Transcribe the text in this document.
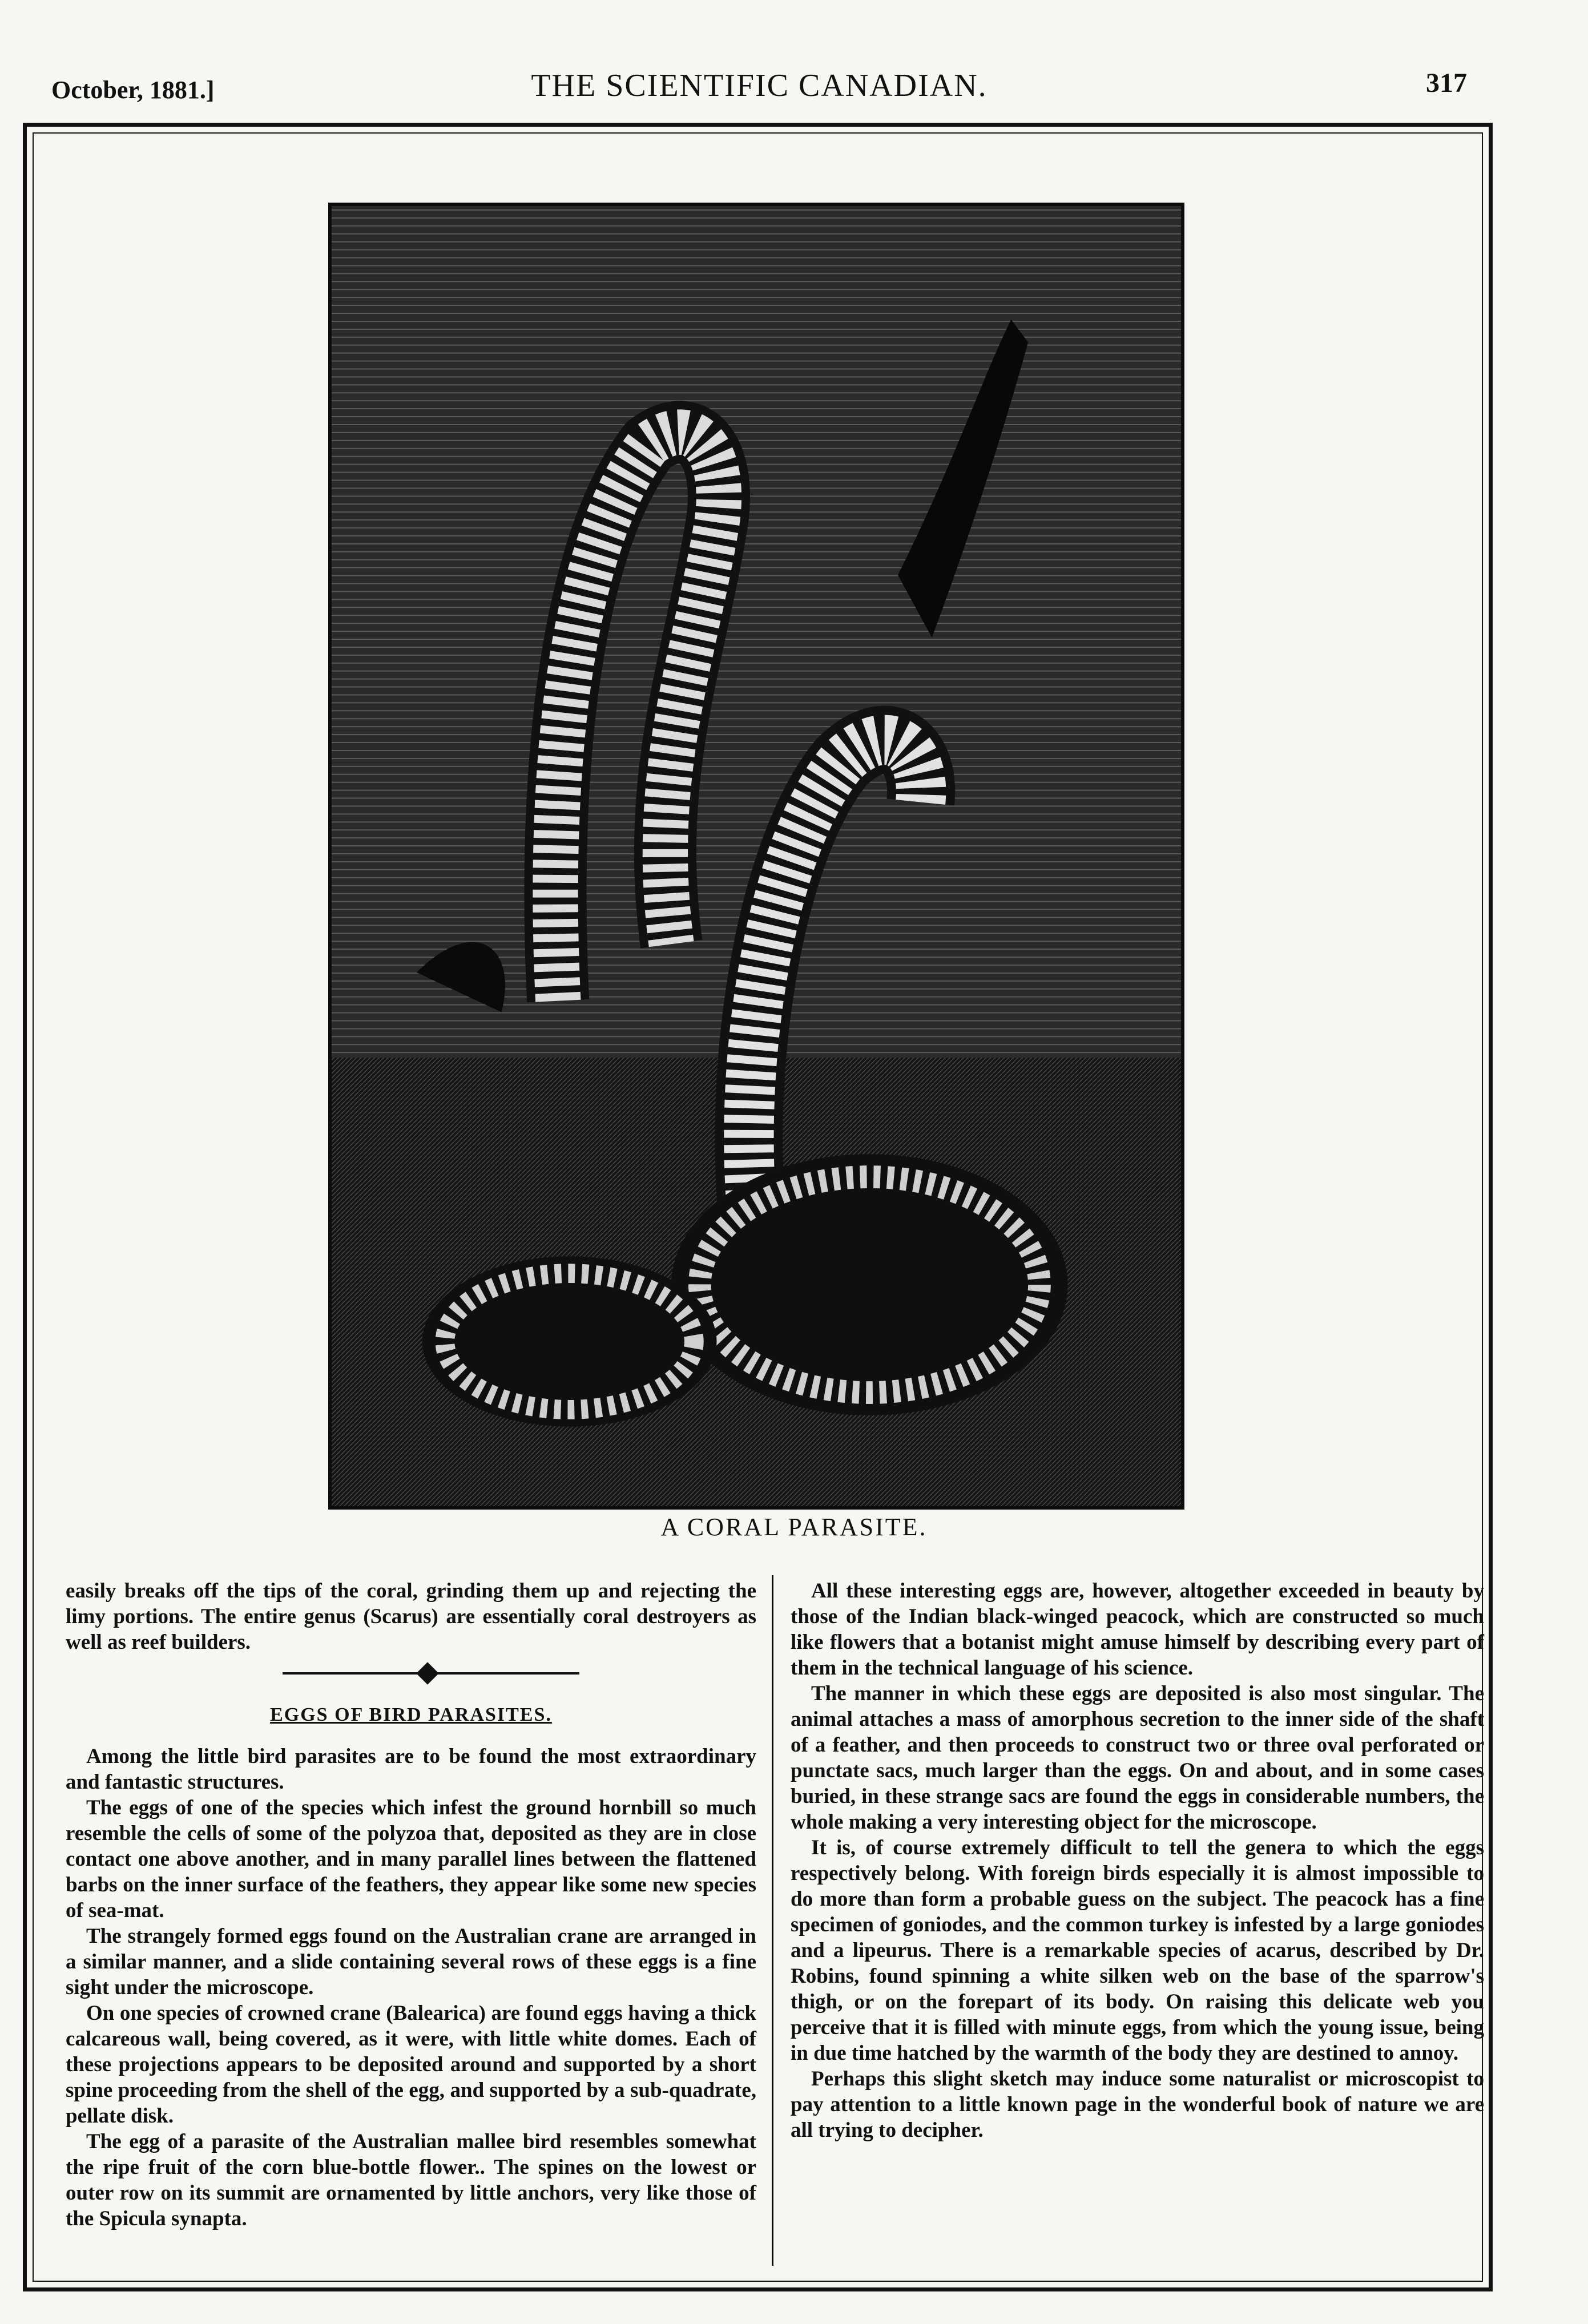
October, 1881.]	THE SCIENTIFIC CANADIAN.	317
A CORAL PARASITE.

easily breaks off the tips of the coral, grinding them up and rejecting the limy portions. The entire genus (Scarus) are essentially coral destroyers as well as reef builders.

EGGS OF BIRD PARASITES.

Among the little bird parasites are to be found the most extraordinary and fantastic structures.

The eggs of one of the species which infest the ground hornbill so much resemble the cells of some of the polyzoa that, deposited as they are in close contact one above another, and in many parallel lines between the flattened barbs on the inner surface of the feathers, they appear like some new species of sea-mat.

The strangely formed eggs found on the Australian crane are arranged in a similar manner, and a slide containing several rows of these eggs is a fine sight under the microscope.

On one species of crowned crane (Balearica) are found eggs having a thick calcareous wall, being covered, as it were, with little white domes. Each of these projections appears to be deposited around and supported by a short spine proceeding from the shell of the egg, and supported by a sub-quadrate, pellate disk.

The egg of a parasite of the Australian mallee bird resembles somewhat the ripe fruit of the corn blue-bottle flower.. The spines on the lowest or outer row on its summit are ornamented by little anchors, very like those of the Spicula synapta.

All these interesting eggs are, however, altogether exceeded in beauty by those of the Indian black-winged peacock, which are constructed so much like flowers that a botanist might amuse himself by describing every part of them in the technical language of his science.

The manner in which these eggs are deposited is also most singular. The animal attaches a mass of amorphous secretion to the inner side of the shaft of a feather, and then proceeds to construct two or three oval perforated or punctate sacs, much larger than the eggs. On and about, and in some cases buried, in these strange sacs are found the eggs in considerable numbers, the whole making a very interesting object for the microscope.

It is, of course extremely difficult to tell the genera to which the eggs respectively belong. With foreign birds especially it is almost impossible to do more than form a probable guess on the subject. The peacock has a fine specimen of goniodes, and the common turkey is infested by a large goniodes and a lipeurus. There is a remarkable species of acarus, described by Dr. Robins, found spinning a white silken web on the base of the sparrow's thigh, or on the forepart of its body. On raising this delicate web you perceive that it is filled with minute eggs, from which the young issue, being in due time hatched by the warmth of the body they are destined to annoy.

Perhaps this slight sketch may induce some naturalist or microscopist to pay attention to a little known page in the wonderful book of nature we are all trying to decipher.
